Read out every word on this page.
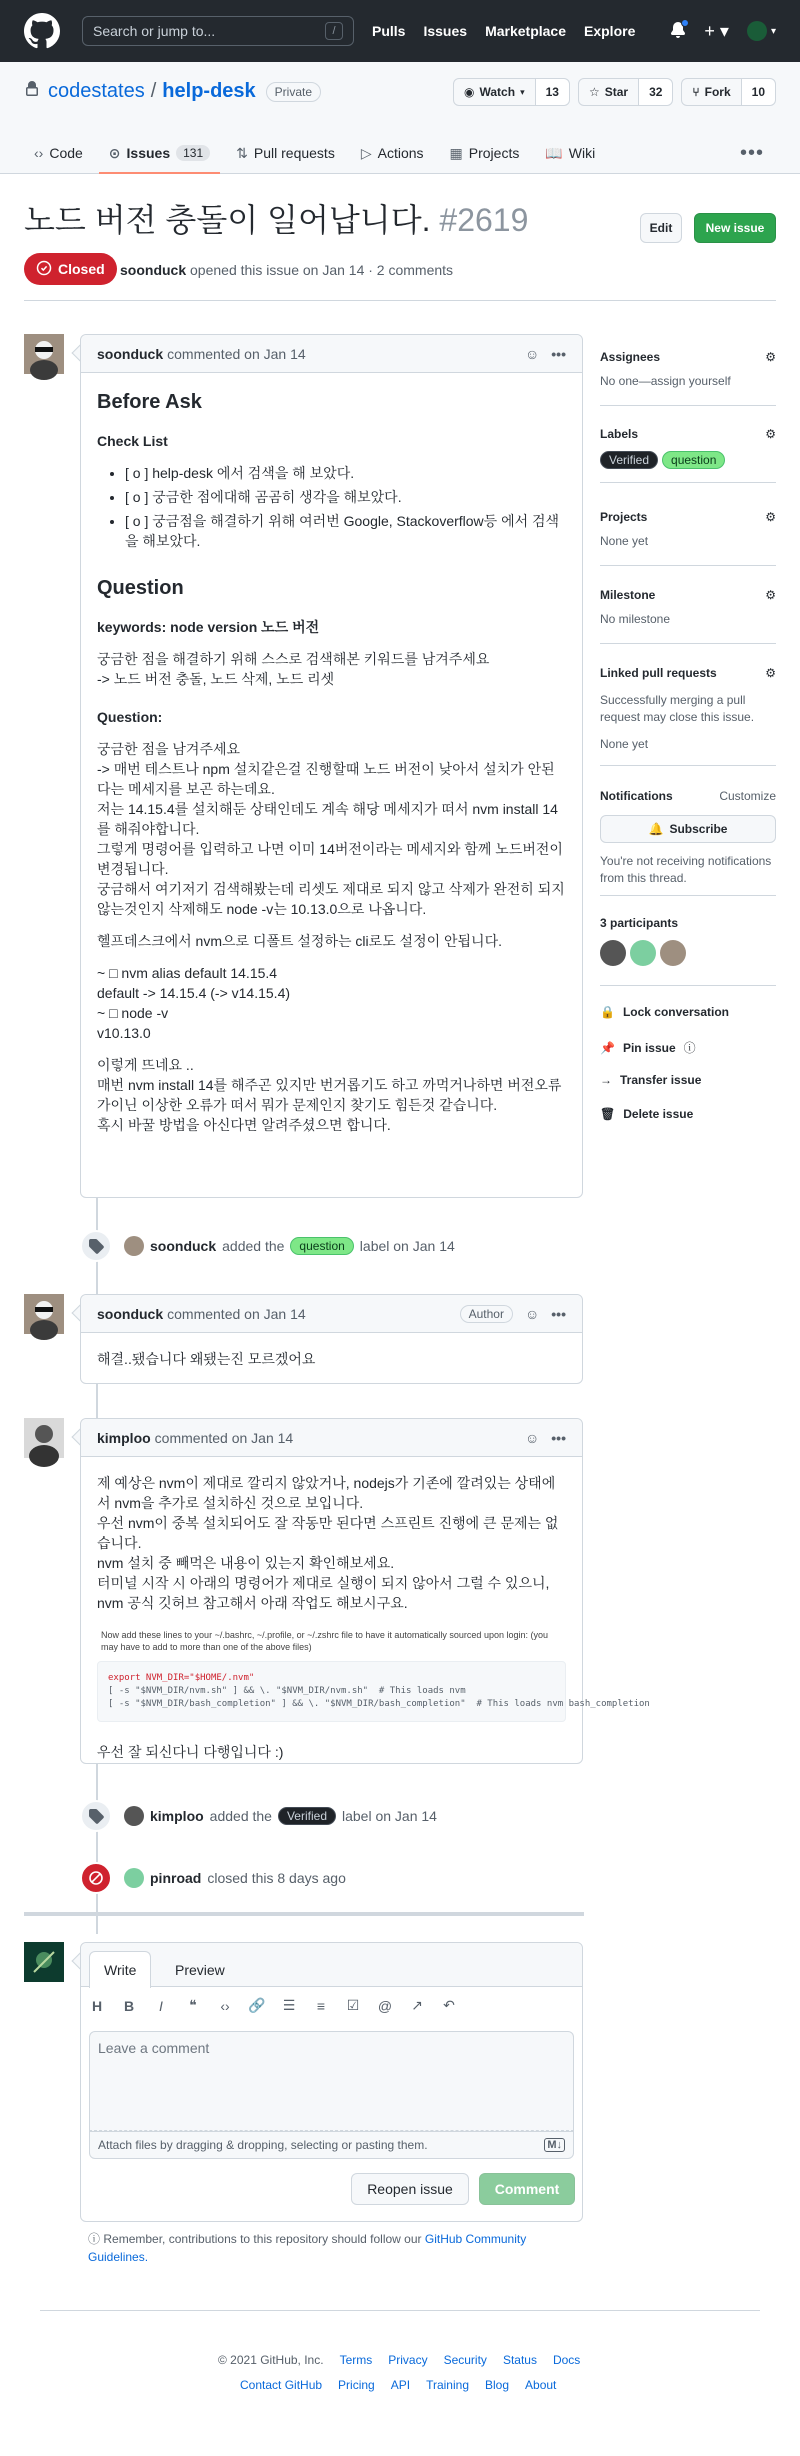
Search or jump to...	/	Pulls Issues Marketplace Explore	+ ▾	▾
codestates / help-desk	Private	◉ Watch ▾	13	☆ Star	32	⑂ Fork	10
‹› Code ⊙ Issues	131	⇅ Pull requests ▷ Actions ▦ Projects 📖 Wiki	•••
노드 버전 충돌이 일어납니다. #2619	Edit	New issue
Closed soonduck opened this issue on Jan 14 · 2 comments
soonduck commented on Jan 14	☺ •••
Before Ask
Check List
• [ o ] help-desk 에서 검색을 해 보았다.
• [ o ] 궁금한 점에대해 곰곰히 생각을 해보았다.
• [ o ] 궁금점을 해결하기 위해 여러번 Google, Stackoverflow등 에서 검색을 해보았다.
Question
keywords: node version 노드 버전

궁금한 점을 해결하기 위해 스스로 검색해본 키워드를 남겨주세요
-> 노드 버전 충돌, 노드 삭제, 노드 리셋

Question:

궁금한 점을 남겨주세요
-> 매번 테스트나 npm 설치같은걸 진행할때 노드 버전이 낮아서 설치가 안된다는 메세지를 보곤 하는데요.
저는 14.15.4를 설치해둔 상태인데도 계속 해당 메세지가 떠서 nvm install 14를 해줘야합니다.
그렇게 명령어를 입력하고 나면 이미 14버전이라는 메세지와 함께 노드버전이 변경됩니다.
궁금해서 여기저기 검색해봤는데 리셋도 제대로 되지 않고 삭제가 완전히 되지 않는것인지 삭제해도 node -v는 10.13.0으로 나옵니다.

헬프데스크에서 nvm으로 디폴트 설정하는 cli로도 설정이 안됩니다.

~ □ nvm alias default 14.15.4
default -> 14.15.4 (-> v14.15.4)
~ □ node -v
v10.13.0

이렇게 뜨네요 ..
매번 nvm install 14를 해주곤 있지만 번거롭기도 하고 까먹거나하면 버전오류가이닌 이상한 오류가 떠서 뭐가 문제인지 찾기도 힘든것 같습니다.
혹시 바꿀 방법을 아신다면 알려주셨으면 합니다.

soonduck added the	question	label on Jan 14
soonduck commented on Jan 14	Author	☺ •••

해결..됐습니다 왜됐는진 모르겠어요

kimploo commented on Jan 14	☺ •••

제 예상은 nvm이 제대로 깔리지 않았거나, nodejs가 기존에 깔려있는 상태에서 nvm을 추가로 설치하신 것으로 보입니다.
우선 nvm이 중복 설치되어도 잘 작동만 된다면 스프린트 진행에 큰 문제는 없습니다.
nvm 설치 중 빼먹은 내용이 있는지 확인해보세요.
터미널 시작 시 아래의 명령어가 제대로 실행이 되지 않아서 그럴 수 있으니, nvm 공식 깃허브 참고해서 아래 작업도 해보시구요.

Now add these lines to your ~/.bashrc, ~/.profile, or ~/.zshrc file to have it automatically sourced upon login: (you may have to add to more than one of the above files)
export NVM_DIR="$HOME/.nvm"
[ -s "$NVM_DIR/nvm.sh" ] && \. "$NVM_DIR/nvm.sh"  # This loads nvm
[ -s "$NVM_DIR/bash_completion" ] && \. "$NVM_DIR/bash_completion"  # This loads nvm bash_completion

우선 잘 되신다니 다행입니다 :)

kimploo added the	Verified	label on Jan 14
pinroad closed this 8 days ago
Write	Preview
H B	I	❝	‹› 🔗 ☰ ≡ ☑ @ ↗ ↶
Leave a comment
Attach files by dragging & dropping, selecting or pasting them.	M↓
Reopen issue	Comment
ⓘ Remember, contributions to this repository should follow our GitHub Community Guidelines.
Assignees	⚙
No one—assign yourself
Labels	⚙
Verified	question
Projects	⚙
None yet
Milestone	⚙
No milestone
Linked pull requests	⚙
Successfully merging a pull request may close this issue.
None yet
Notifications	Customize
🔔 Subscribe
You're not receiving notifications from this thread.
3 participants
🔒 Lock conversation
📌 Pin issue ⓘ
→ Transfer issue
🗑 Delete issue
© 2021 GitHub, Inc. Terms Privacy Security Status Docs
Contact GitHub Pricing API Training Blog About
